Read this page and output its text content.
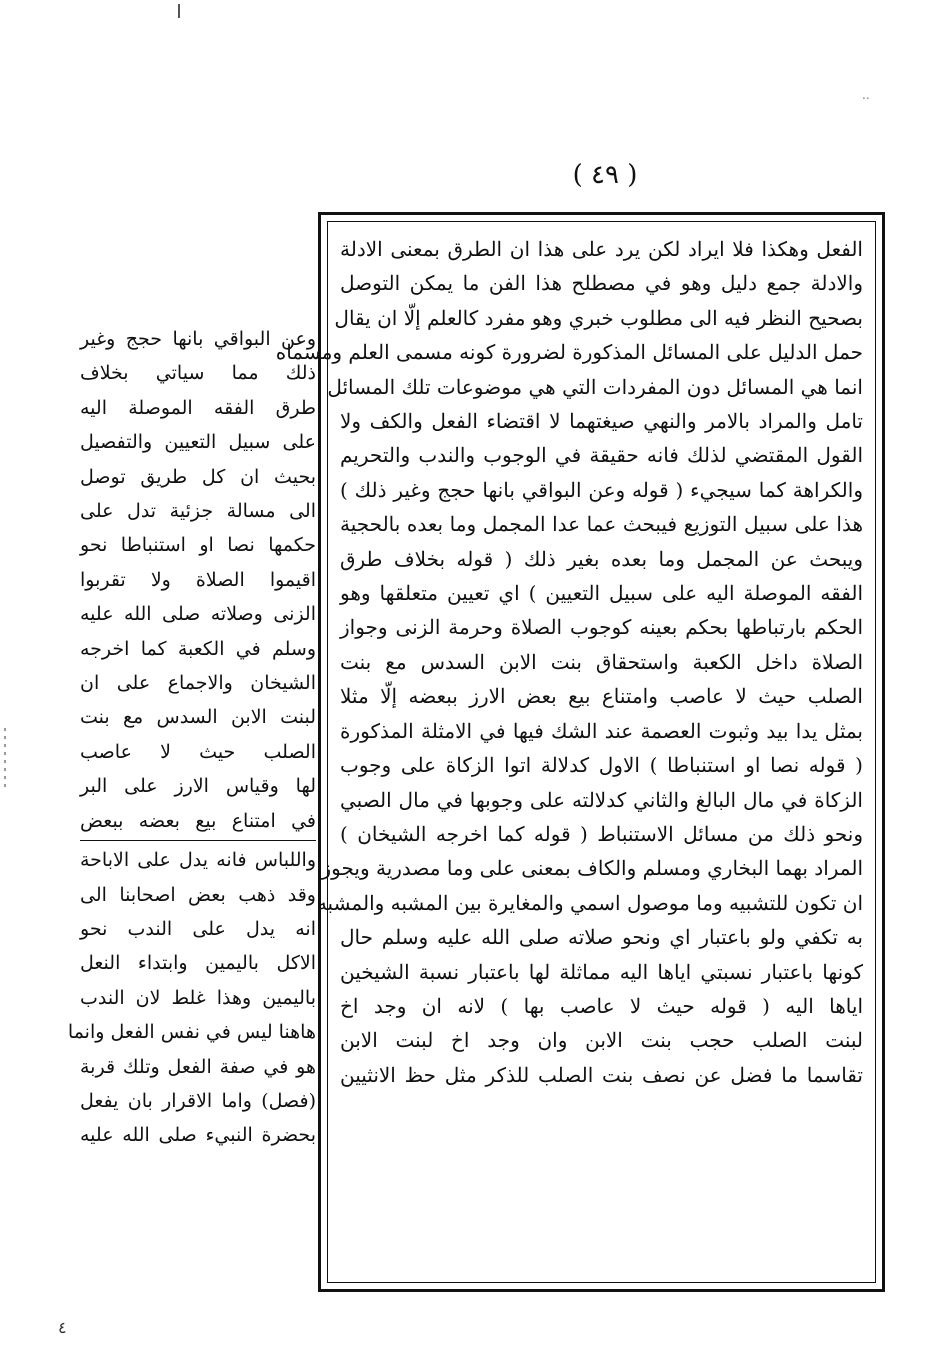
..
( ٤٩ )
الفعل وهكذا فلا ايراد لكن يرد على هذا ان الطرق بمعنى الادلة
والادلة جمع دليل وهو في مصطلح هذا الفن ما يمكن التوصل
بصحيح النظر فيه الى مطلوب خبري وهو مفرد كالعلم إلّا ان يقال
حمل الدليل على المسائل المذكورة لضرورة كونه مسمى العلم ومسماه
انما هي المسائل دون المفردات التي هي موضوعات تلك المسائل
تامل والمراد بالامر والنهي صيغتهما لا اقتضاء الفعل والكف ولا
القول المقتضي لذلك فانه حقيقة في الوجوب والندب والتحريم
والكراهة كما سيجيء ( قوله وعن البواقي بانها حجج وغير ذلك )
هذا على سبيل التوزيع فيبحث عما عدا المجمل وما بعده بالحجية
ويبحث عن المجمل وما بعده بغير ذلك ( قوله بخلاف طرق
الفقه الموصلة اليه على سبيل التعيين ) اي تعيين متعلقها وهو
الحكم بارتباطها بحكم بعينه كوجوب الصلاة وحرمة الزنى وجواز
الصلاة داخل الكعبة واستحقاق بنت الابن السدس مع بنت
الصلب حيث لا عاصب وامتناع بيع بعض الارز ببعضه إلّا مثلا
بمثل يدا بيد وثبوت العصمة عند الشك فيها في الامثلة المذكورة
( قوله نصا او استنباطا ) الاول كدلالة اتوا الزكاة على وجوب
الزكاة في مال البالغ والثاني كدلالته على وجوبها في مال الصبي
ونحو ذلك من مسائل الاستنباط ( قوله كما اخرجه الشيخان )
المراد بهما البخاري ومسلم والكاف بمعنى على وما مصدرية ويجوز
ان تكون للتشبيه وما موصول اسمي والمغايرة بين المشبه والمشبه
به تكفي ولو باعتبار اي ونحو صلاته صلى الله عليه وسلم حال
كونها باعتبار نسبتي اياها اليه مماثلة لها باعتبار نسبة الشيخين
اياها اليه ( قوله حيث لا عاصب بها ) لانه ان وجد اخ
لبنت الصلب حجب بنت الابن وان وجد اخ لبنت الابن
تقاسما ما فضل عن نصف بنت الصلب للذكر مثل حظ الانثيين
وعن البواقي بانها حجج وغير
ذلك مما سياتي بخلاف
طرق الفقه الموصلة اليه
على سبيل التعيين والتفصيل
بحيث ان كل طريق توصل
الى مسالة جزئية تدل على
حكمها نصا او استنباطا نحو
اقيموا الصلاة ولا تقربوا
الزنى وصلاته صلى الله عليه
وسلم في الكعبة كما اخرجه
الشيخان والاجماع على ان
لبنت الابن السدس مع بنت
الصلب حيث لا عاصب
لها وقياس الارز على البر
في امتناع بيع بعضه ببعض
واللباس فانه يدل على الاباحة
وقد ذهب بعض اصحابنا الى
انه يدل على الندب نحو
الاكل باليمين وابتداء النعل
باليمين وهذا غلط لان الندب
هاهنا ليس في نفس الفعل وانما
هو في صفة الفعل وتلك قربة
(فصل) واما الاقرار بان يفعل
بحضرة النبيء صلى الله عليه
٤
